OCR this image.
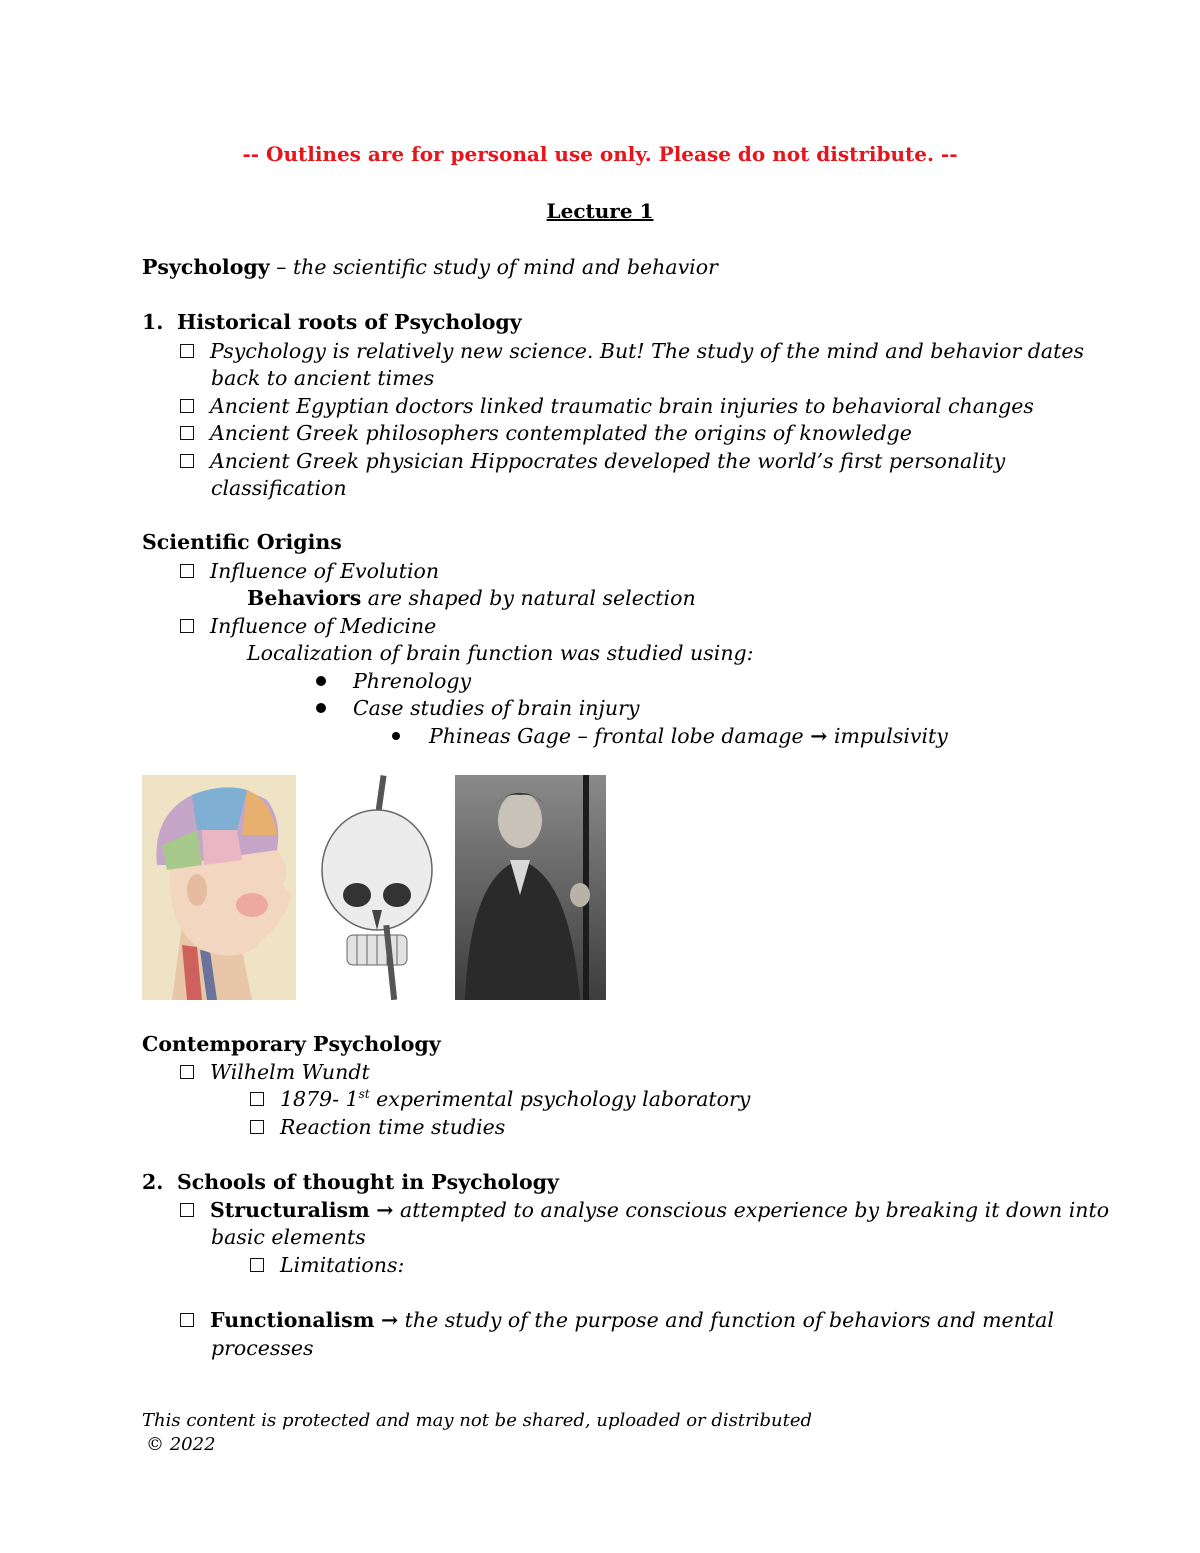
-- Outlines are for personal use only. Please do not distribute. --
Lecture 1
Psychology – the scientific study of mind and behavior
1. Historical roots of Psychology
Psychology is relatively new science. But! The study of the mind and behavior dates
back to ancient times
Ancient Egyptian doctors linked traumatic brain injuries to behavioral changes
Ancient Greek philosophers contemplated the origins of knowledge
Ancient Greek physician Hippocrates developed the world’s first personality
classification
Scientific Origins
Influence of Evolution
Behaviors are shaped by natural selection
Influence of Medicine
Localization of brain function was studied using:
Phrenology
Case studies of brain injury
Phineas Gage – frontal lobe damage → impulsivity
Contemporary Psychology
Wilhelm Wundt
1879- 1st experimental psychology laboratory
Reaction time studies
2. Schools of thought in Psychology
Structuralism → attempted to analyse conscious experience by breaking it down into
basic elements
Limitations:
Functionalism → the study of the purpose and function of behaviors and mental
processes
This content is protected and may not be shared, uploaded or distributed
© 2022
